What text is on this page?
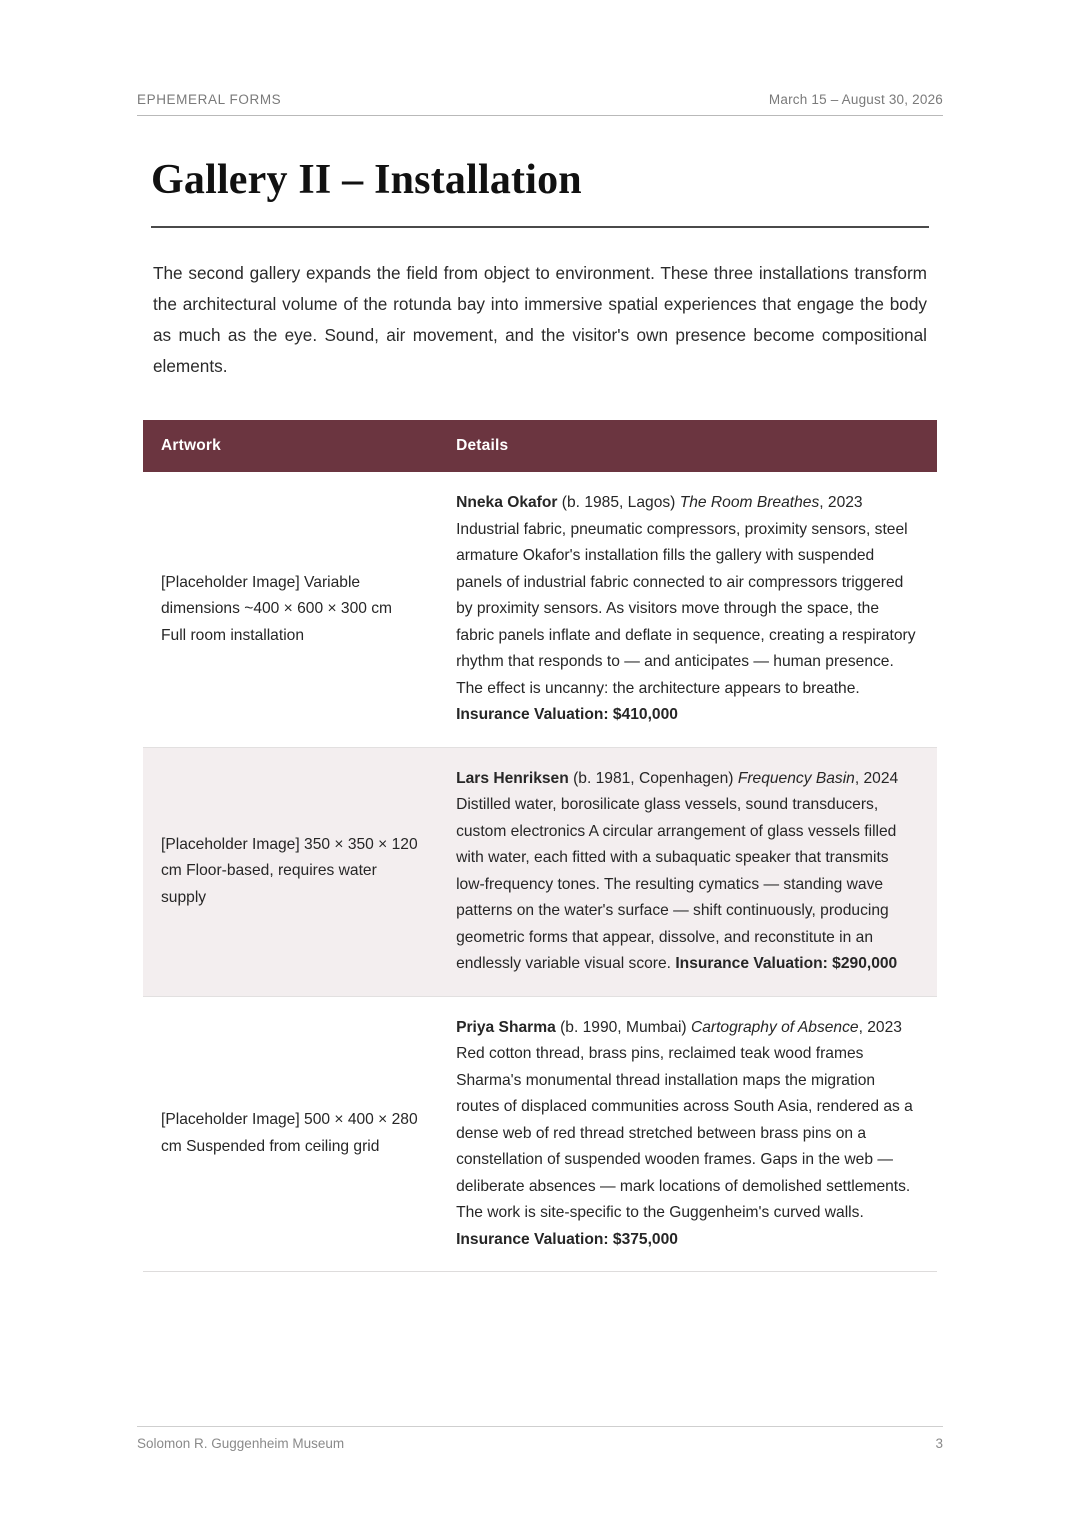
EPHEMERAL FORMS	March 15 – August 30, 2026
Gallery II – Installation

The second gallery expands the field from object to environment. These three installations transform the architectural volume of the rotunda bay into immersive spatial experiences that engage the body as much as the eye. Sound, air movement, and the visitor's own presence become compositional elements.

Artwork	Details
[Placeholder Image] Variable dimensions ~400 × 600 × 300 cm Full room installation	Nneka Okafor (b. 1985, Lagos) The Room Breathes, 2023 Industrial fabric, pneumatic compressors, proximity sensors, steel armature Okafor's installation fills the gallery with suspended panels of industrial fabric connected to air compressors triggered by proximity sensors. As visitors move through the space, the fabric panels inflate and deflate in sequence, creating a respiratory rhythm that responds to — and anticipates — human presence. The effect is uncanny: the architecture appears to breathe. Insurance Valuation: $410,000
[Placeholder Image] 350 × 350 × 120 cm Floor-based, requires water supply	Lars Henriksen (b. 1981, Copenhagen) Frequency Basin, 2024 Distilled water, borosilicate glass vessels, sound transducers, custom electronics A circular arrangement of glass vessels filled with water, each fitted with a subaquatic speaker that transmits low-frequency tones. The resulting cymatics — standing wave patterns on the water's surface — shift continuously, producing geometric forms that appear, dissolve, and reconstitute in an endlessly variable visual score. Insurance Valuation: $290,000
[Placeholder Image] 500 × 400 × 280 cm Suspended from ceiling grid	Priya Sharma (b. 1990, Mumbai) Cartography of Absence, 2023 Red cotton thread, brass pins, reclaimed teak wood frames Sharma's monumental thread installation maps the migration routes of displaced communities across South Asia, rendered as a dense web of red thread stretched between brass pins on a constellation of suspended wooden frames. Gaps in the web — deliberate absences — mark locations of demolished settlements. The work is site-specific to the Guggenheim's curved walls. Insurance Valuation: $375,000
Solomon R. Guggenheim Museum	3
